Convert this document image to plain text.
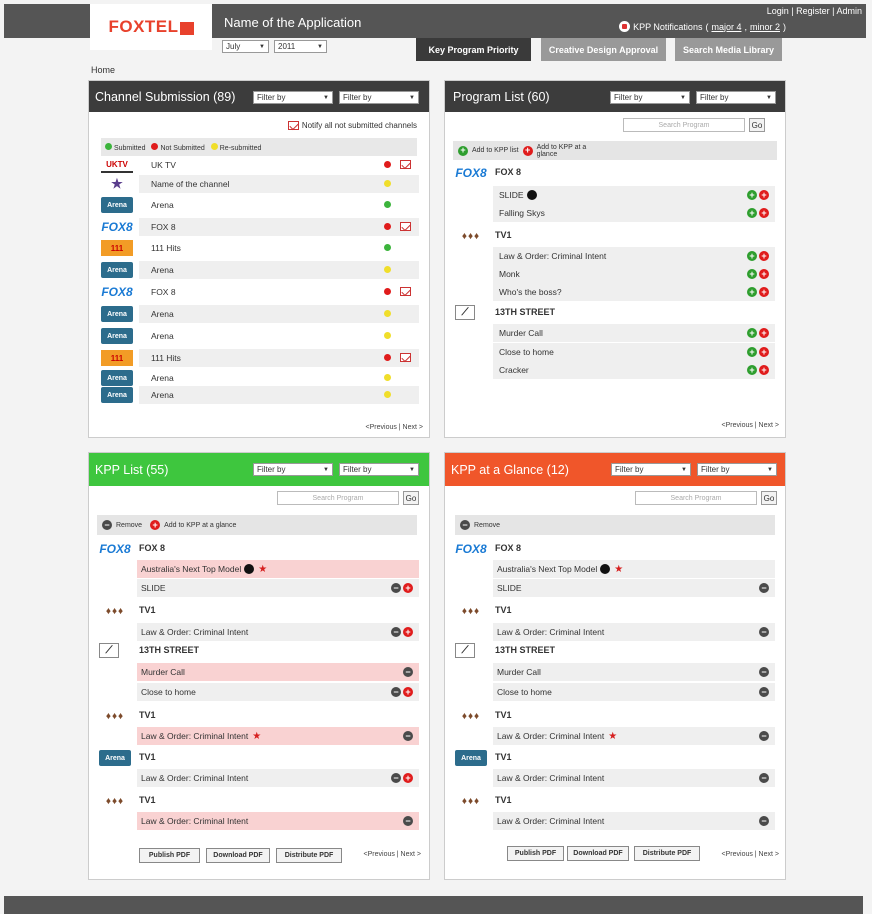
FOXTEL	Name of the Application
Login | Register | Admin
KPP Notifications ( major 4 , minor 2 )
July
▼	2011
▼	Key Program Priority	Creative Design Approval	Search Media Library
Home
Channel Submission (89)	Filter by
▼	Filter by
▼
Notify all not submitted channels
Submitted	Not Submitted	Re-submitted
<Previous | Next >
UKTV	UK TV
★	Name of the channel
Arena	Arena
FOX8 FOX 8
111	111 Hits
Arena	Arena
FOX8 FOX 8
Arena	Arena
Arena	Arena
111	111 Hits
Arena	Arena
Arena	Arena
Program List (60)	Filter by
▼	Filter by
▼
Search Program	Go
+ Add to KPP list + Add to KPP at a glance
<Previous | Next >
FOX8 FOX 8
SLIDE	+ +
Falling Skys	+ +
♦♦♦	TV1
Law & Order: Criminal Intent	+ +
Monk	+ +
Who's the boss?	+ +
⟋	13TH STREET
Murder Call	+ +
Close to home	+ +
Cracker	+ +
KPP List (55)	Filter by
▼	Filter by
▼
Search Program	Go
− Remove + Add to KPP at a glance
Publish PDF	Download PDF	Distribute PDF	<Previous | Next >
FOX8 FOX 8
Australia's Next Top Model ★
SLIDE	− +
♦♦♦	TV1
Law & Order: Criminal Intent	− +
⟋	13TH STREET
Murder Call	−
Close to home	− +
♦♦♦	TV1
Law & Order: Criminal Intent ★	−
Arena	TV1
Law & Order: Criminal Intent	− +
♦♦♦	TV1
Law & Order: Criminal Intent	−
KPP at a Glance (12)	Filter by
▼	Filter by
▼
Search Program	Go
− Remove
Publish PDF	Download PDF	Distribute PDF	<Previous | Next >
FOX8 FOX 8
Australia's Next Top Model ★
SLIDE	−
♦♦♦	TV1
Law & Order: Criminal Intent	−
⟋	13TH STREET
Murder Call	−
Close to home	−
♦♦♦	TV1
Law & Order: Criminal Intent ★	−
Arena	TV1
Law & Order: Criminal Intent	−
♦♦♦	TV1
Law & Order: Criminal Intent	−
